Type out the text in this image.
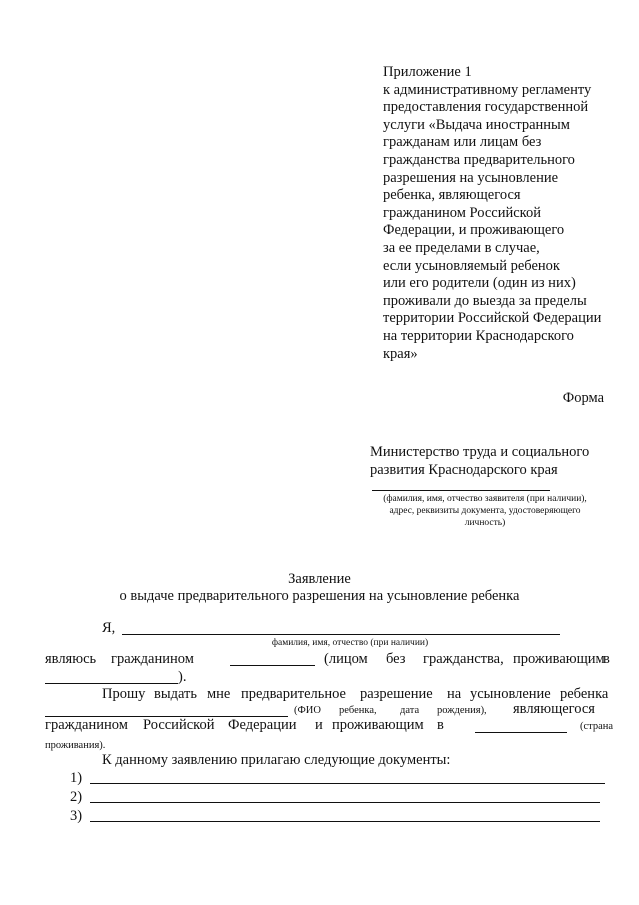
Приложение 1
к административному регламенту
предоставления государственной
услуги «Выдача иностранным
гражданам или лицам без
гражданства предварительного
разрешения на усыновление
ребенка, являющегося
гражданином Российской
Федерации, и проживающего
за ее пределами в случае,
если усыновляемый ребенок
или его родители (один из них)
проживали до выезда за пределы
территории Российской Федерации
на территории Краснодарского
края»
Форма
Министерство труда и социального
развития Краснодарского края
(фамилия, имя, отчество заявителя (при наличии),
адрес, реквизиты документа, удостоверяющего
личность)
Заявление
о выдаче предварительного разрешения на усыновление ребенка
Я,
фамилия, имя, отчество (при наличии)
являюсь гражданином	(лицом без гражданства, проживающим
в
).
Прошу выдать мне предварительное разрешение на усыновление ребенка
(ФИО ребенка, дата рождения), являющегося
гражданином Российской Федерации и проживающим в	(страна
проживания).
К данному заявлению прилагаю следующие документы:
1)
2)
3)
